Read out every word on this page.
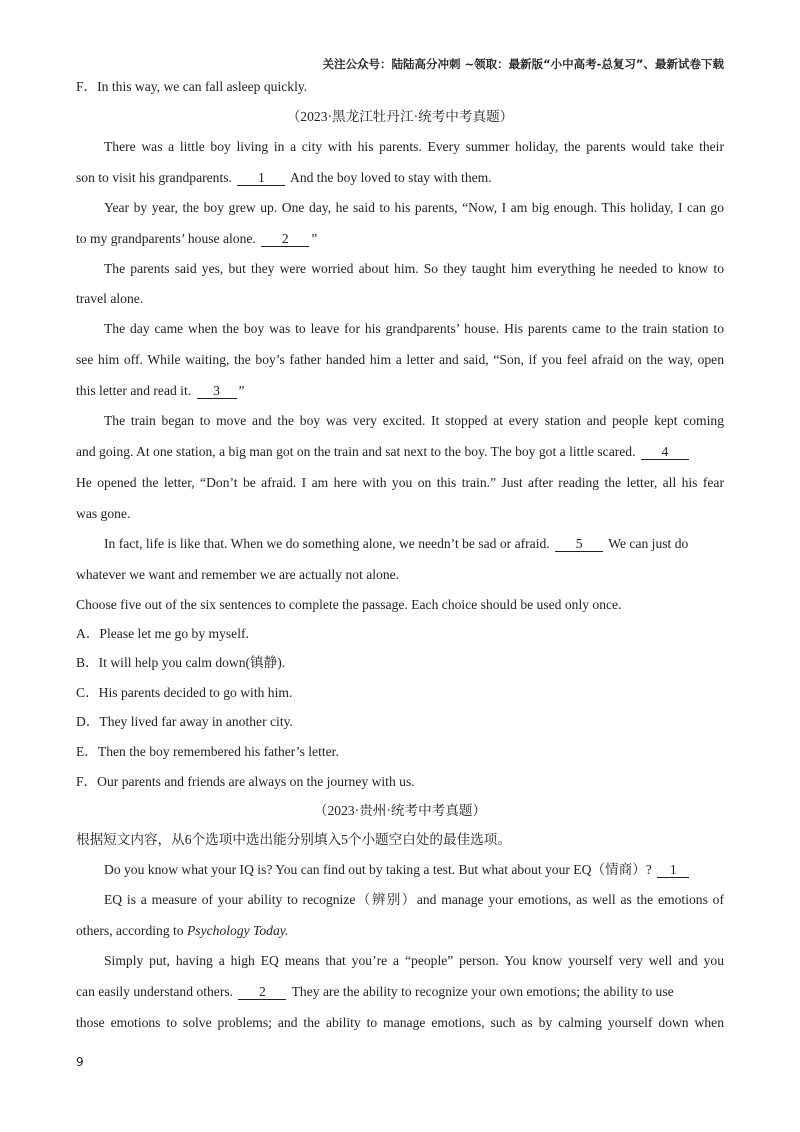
关注公众号：陆陆高分冲刺 ~领取：最新版“小中高考-总复习”、最新试卷下载
F．In this way, we can fall asleep quickly.
（2023·黑龙江牡丹江·统考中考真题）
There was a little boy living in a city with his parents. Every summer holiday, the parents would take their
son to visit his grandparents. 1 And the boy loved to stay with them.
Year by year, the boy grew up. One day, he said to his parents, “Now, I am big enough. This holiday, I can go
to my grandparents’ house alone. 2 ”
The parents said yes, but they were worried about him. So they taught him everything he needed to know to
travel alone.
The day came when the boy was to leave for his grandparents’ house. His parents came to the train station to
see him off. While waiting, the boy’s father handed him a letter and said, “Son, if you feel afraid on the way, open
this letter and read it. 3 ”
The train began to move and the boy was very excited. It stopped at every station and people kept coming
and going. At one station, a big man got on the train and sat next to the boy. The boy got a little scared. 4
He opened the letter, “Don’t be afraid. I am here with you on this train.” Just after reading the letter, all his fear
was gone.
In fact, life is like that. When we do something alone, we needn’t be sad or afraid. 5 We can just do
whatever we want and remember we are actually not alone.
Choose five out of the six sentences to complete the passage. Each choice should be used only once.
A．Please let me go by myself.
B．It will help you calm down(镇静).
C．His parents decided to go with him.
D．They lived far away in another city.
E．Then the boy remembered his father’s letter.
F．Our parents and friends are always on the journey with us.
（2023·贵州·统考中考真题）
根据短文内容，从6个选项中选出能分别填入5个小题空白处的最佳选项。
Do you know what your IQ is? You can find out by taking a test. But what about your EQ（情商）? 1
EQ is a measure of your ability to recognize（辨别）and manage your emotions, as well as the emotions of
others, according to Psychology Today.
Simply put, having a high EQ means that you’re a “people” person. You know yourself very well and you
can easily understand others. 2 They are the ability to recognize your own emotions; the ability to use
those emotions to solve problems; and the ability to manage emotions, such as by calming yourself down when
9
